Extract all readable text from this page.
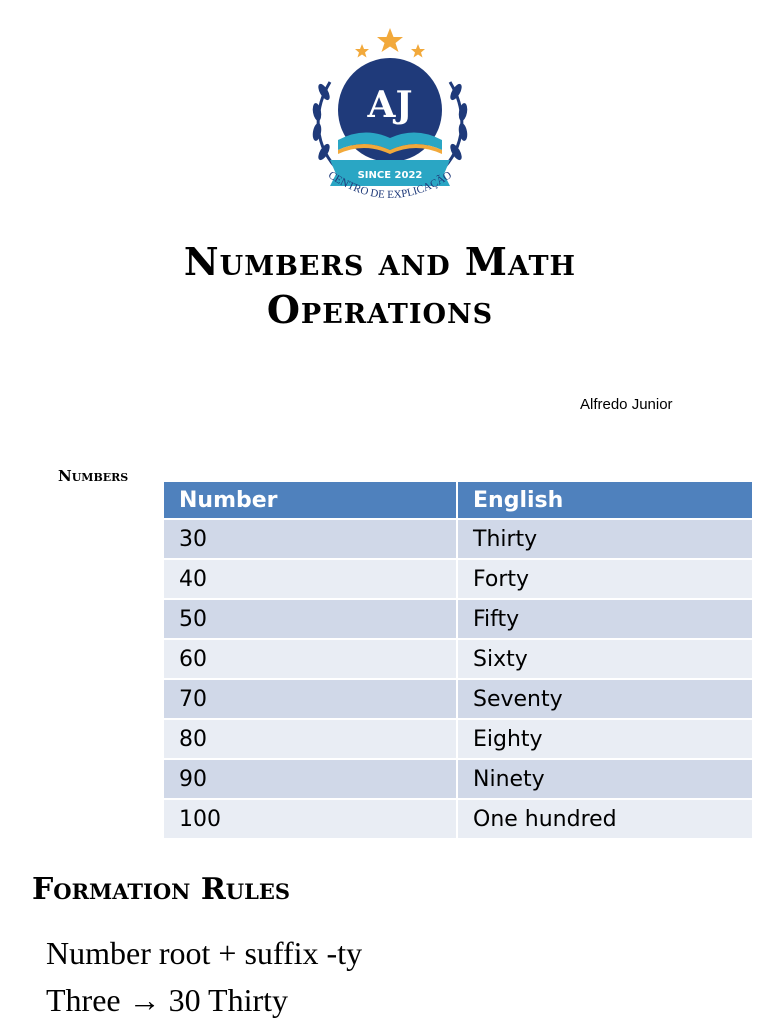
AJ
SINCE 2022
CENTRO DE EXPLICAÇÃO
Numbers and Math
Operations
Alfredo Junior
Numbers
Number	English
30	Thirty
40	Forty
50	Fifty
60	Sixty
70	Seventy
80	Eighty
90	Ninety
100	One hundred
Formation Rules
Number root + suffix -ty
Three → 30 Thirty
